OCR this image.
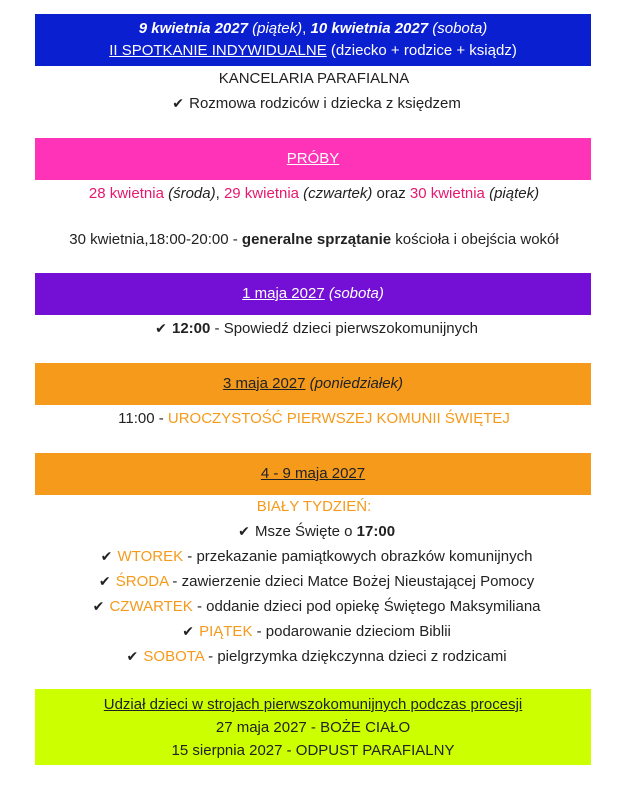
9 kwietnia 2027 (piątek), 10 kwietnia 2027 (sobota)
II SPOTKANIE INDYWIDUALNE (dziecko + rodzice + ksiądz)
KANCELARIA PARAFIALNA
✔ Rozmowa rodziców i dziecka z księdzem
PRÓBY
28 kwietnia (środa), 29 kwietnia (czwartek) oraz 30 kwietnia (piątek)
30 kwietnia,18:00-20:00 - generalne sprzątanie kościoła i obejścia wokół
1 maja 2027 (sobota)
✔ 12:00 - Spowiedź dzieci pierwszokomunijnych
3 maja 2027 (poniedziałek)
11:00 - UROCZYSTOŚĆ PIERWSZEJ KOMUNII ŚWIĘTEJ
4 - 9 maja 2027
BIAŁY TYDZIEŃ:
✔ Msze Święte o 17:00
✔ WTOREK - przekazanie pamiątkowych obrazków komunijnych
✔ ŚRODA - zawierzenie dzieci Matce Bożej Nieustającej Pomocy
✔ CZWARTEK - oddanie dzieci pod opiekę Świętego Maksymiliana
✔ PIĄTEK - podarowanie dzieciom Biblii
✔ SOBOTA - pielgrzymka dziękczynna dzieci z rodzicami
Udział dzieci w strojach pierwszokomunijnych podczas procesji
27 maja 2027 - BOŻE CIAŁO
15 sierpnia 2027 - ODPUST PARAFIALNY
